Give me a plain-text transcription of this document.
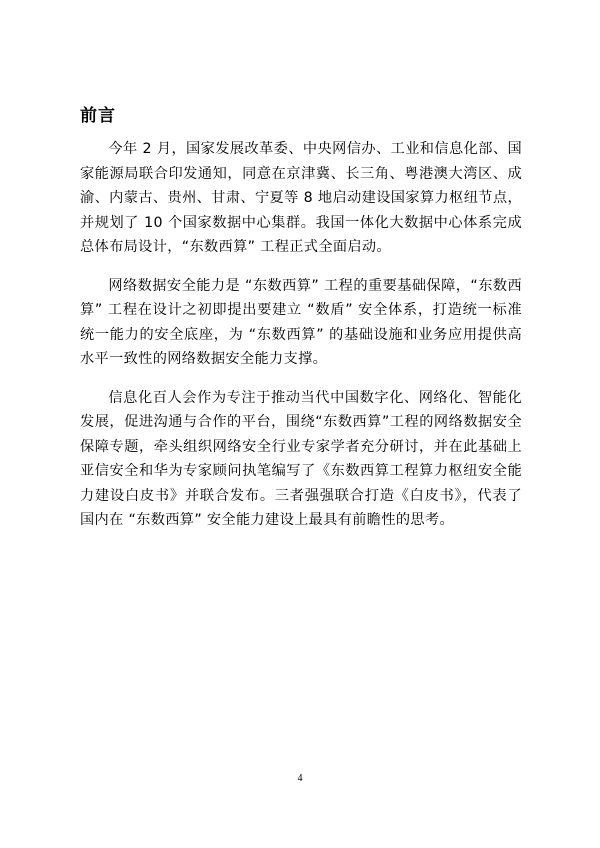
前言

今年 2 月，国家发展改革委、中央网信办、工业和信息化部、国家能源局联合印发通知，同意在京津冀、长三角、粤港澳大湾区、成渝、内蒙古、贵州、甘肃、宁夏等 8 地启动建设国家算力枢纽节点，并规划了 10 个国家数据中心集群。我国一体化大数据中心体系完成总体布局设计，“东数西算” 工程正式全面启动。

网络数据安全能力是 “东数西算” 工程的重要基础保障，“东数西算” 工程在设计之初即提出要建立 “数盾” 安全体系，打造统一标准统一能力的安全底座，为 “东数西算” 的基础设施和业务应用提供高水平一致性的网络数据安全能力支撑。

信息化百人会作为专注于推动当代中国数字化、网络化、智能化发展，促进沟通与合作的平台，围绕“东数西算”工程的网络数据安全保障专题，牵头组织网络安全行业专家学者充分研讨，并在此基础上亚信安全和华为专家顾问执笔编写了《东数西算工程算力枢纽安全能力建设白皮书》并联合发布。三者强强联合打造《白皮书》，代表了国内在 “东数西算” 安全能力建设上最具有前瞻性的思考。

4
